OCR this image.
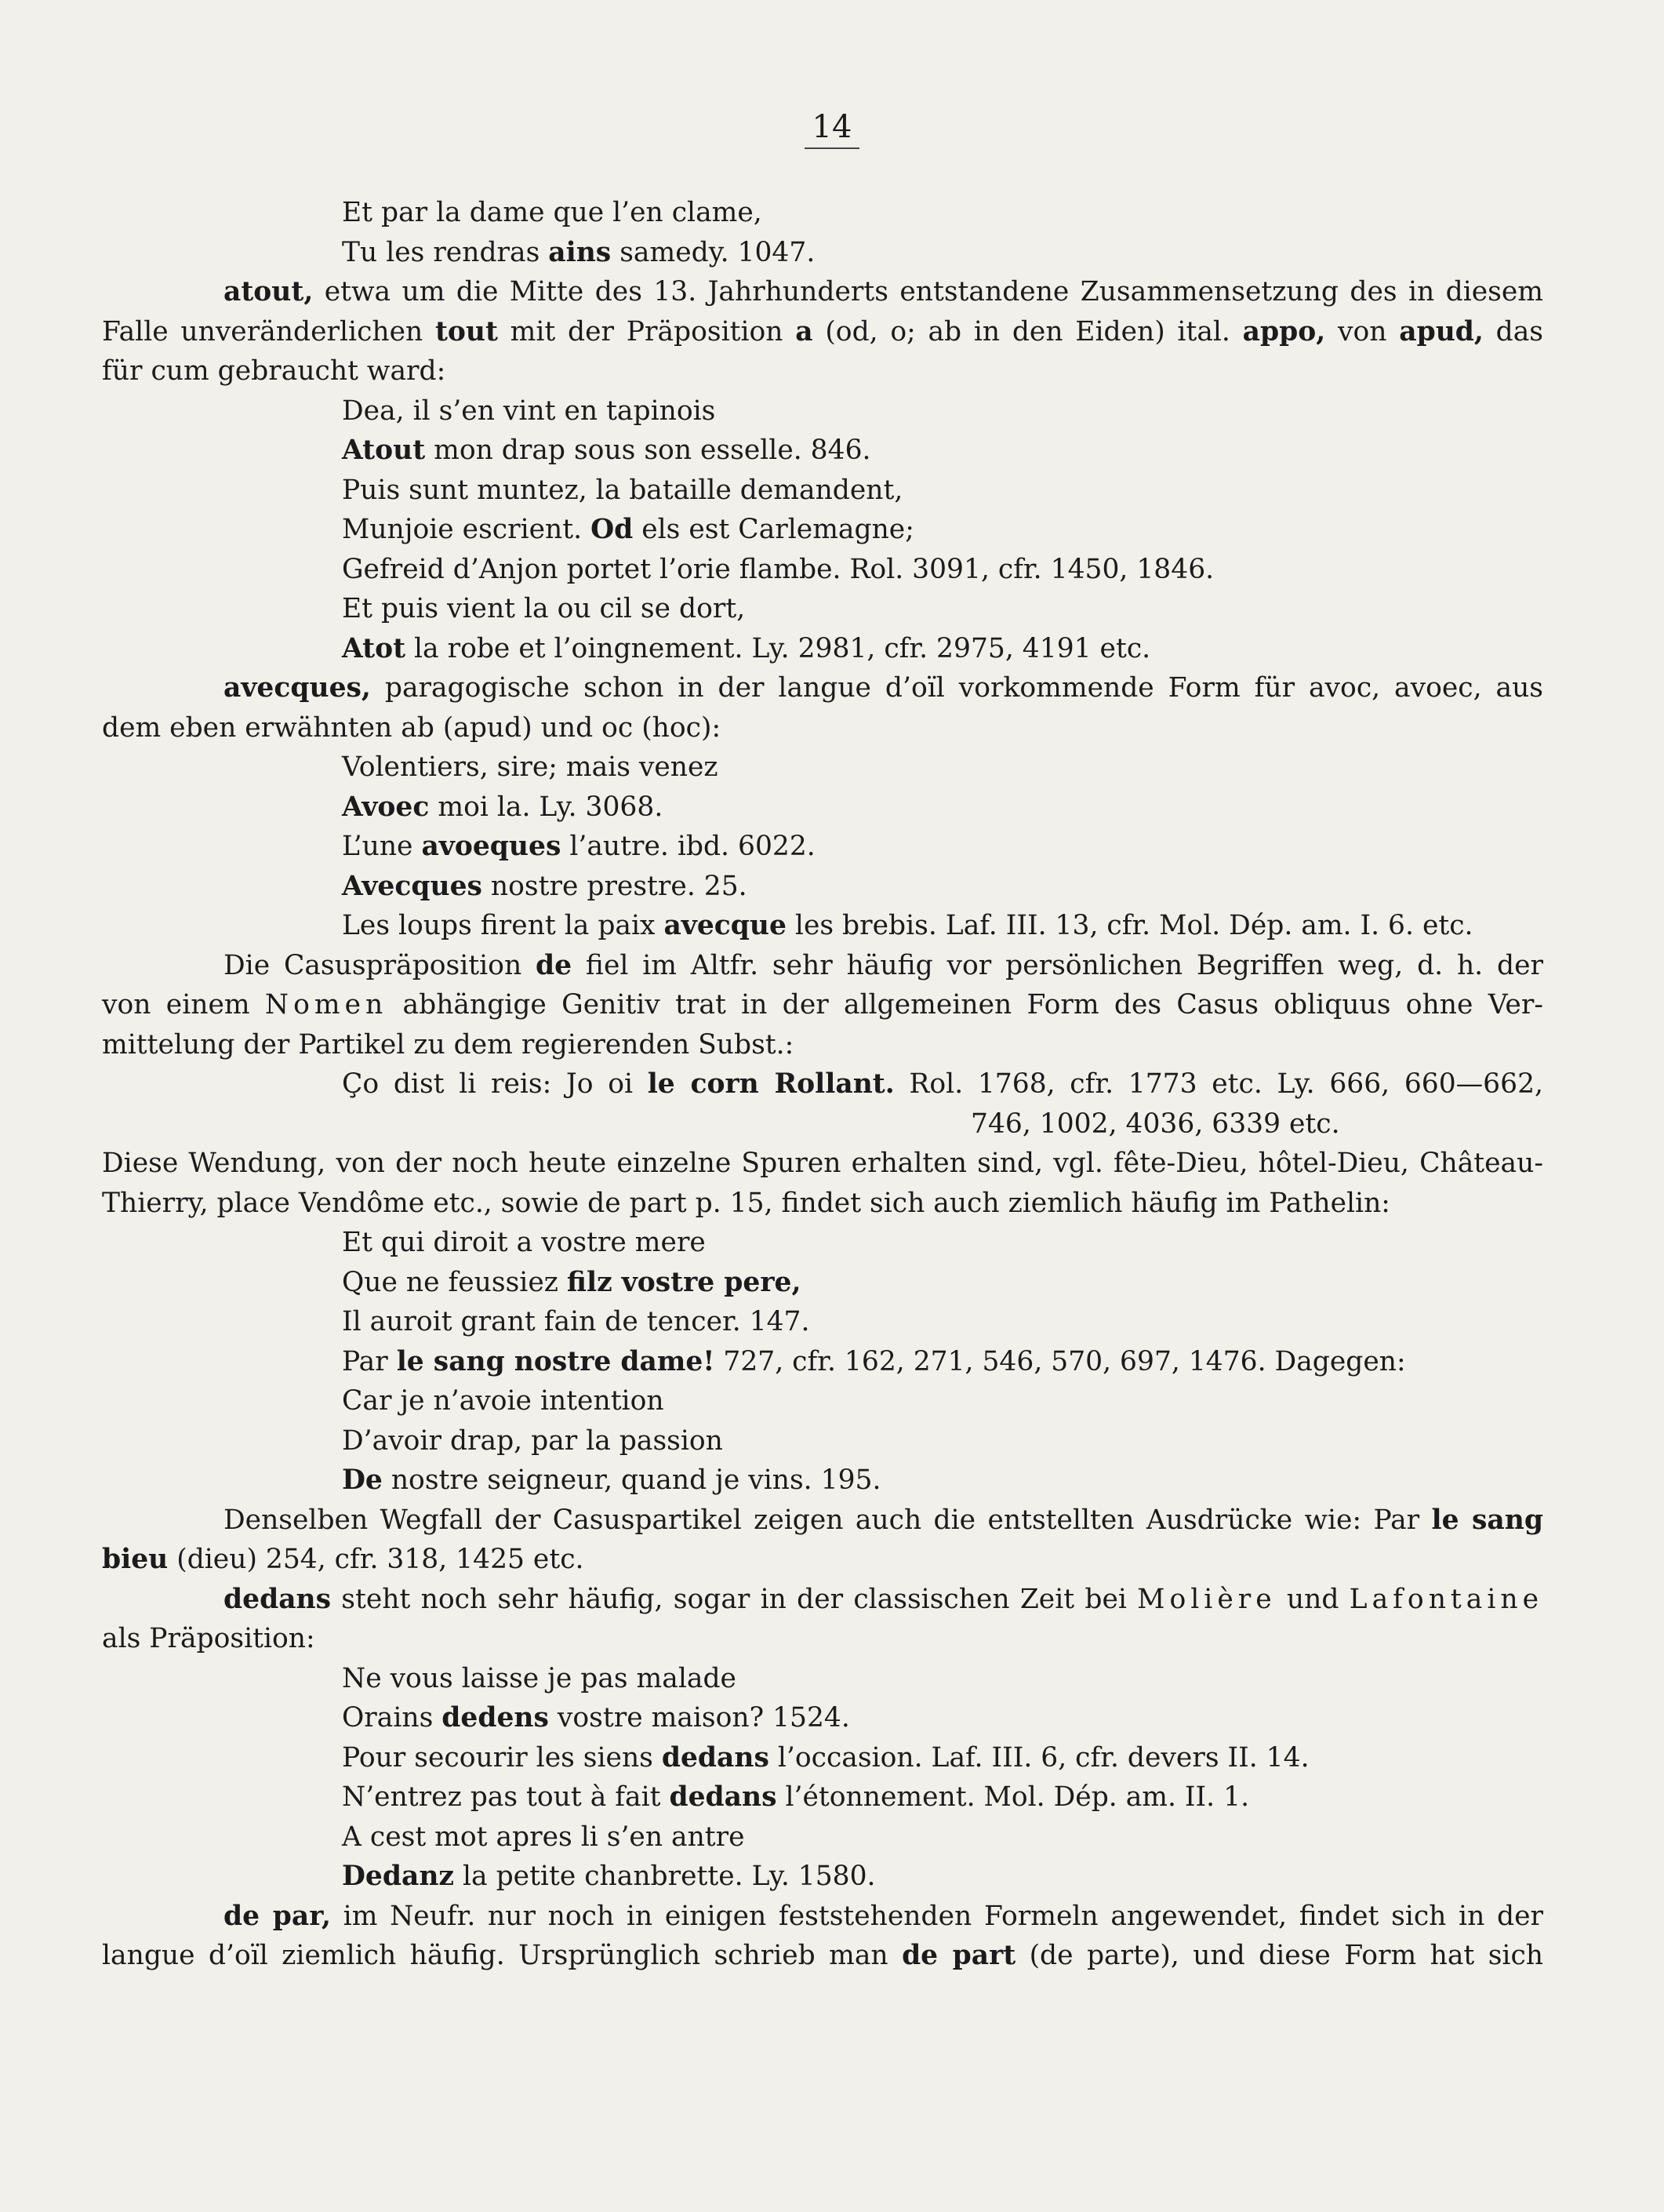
14
Et par la dame que l’en clame,
Tu les rendras ains samedy. 1047.
atout, etwa um die Mitte des 13. Jahrhunderts entstandene Zusammensetzung des in diesem
Falle unveränderlichen tout mit der Präposition a (od, o; ab in den Eiden) ital. appo, von apud, das
für cum gebraucht ward:
Dea, il s’en vint en tapinois
Atout mon drap sous son esselle. 846.
Puis sunt muntez, la bataille demandent,
Munjoie escrient. Od els est Carlemagne;
Gefreid d’Anjon portet l’orie flambe. Rol. 3091, cfr. 1450, 1846.
Et puis vient la ou cil se dort,
Atot la robe et l’oingnement. Ly. 2981, cfr. 2975, 4191 etc.
avecques, paragogische schon in der langue d’oïl vorkommende Form für avoc, avoec, aus
dem eben erwähnten ab (apud) und oc (hoc):
Volentiers, sire; mais venez
Avoec moi la. Ly. 3068.
L’une avoeques l’autre. ibd. 6022.
Avecques nostre prestre. 25.
Les loups firent la paix avecque les brebis. Laf. III. 13, cfr. Mol. Dép. am. I. 6. etc.
Die Casuspräposition de fiel im Altfr. sehr häufig vor persönlichen Begriffen weg, d. h. der
von einem Nomen abhängige Genitiv trat in der allgemeinen Form des Casus obliquus ohne Ver-
mittelung der Partikel zu dem regierenden Subst.:
Ço dist li reis: Jo oi le corn Rollant. Rol. 1768, cfr. 1773 etc. Ly. 666, 660—662,
746, 1002, 4036, 6339 etc.
Diese Wendung, von der noch heute einzelne Spuren erhalten sind, vgl. fête-Dieu, hôtel-Dieu, Château-
Thierry, place Vendôme etc., sowie de part p. 15, findet sich auch ziemlich häufig im Pathelin:
Et qui diroit a vostre mere
Que ne feussiez filz vostre pere,
Il auroit grant fain de tencer. 147.
Par le sang nostre dame! 727, cfr. 162, 271, 546, 570, 697, 1476. Dagegen:
Car je n’avoie intention
D’avoir drap, par la passion
De nostre seigneur, quand je vins. 195.
Denselben Wegfall der Casuspartikel zeigen auch die entstellten Ausdrücke wie: Par le sang
bieu (dieu) 254, cfr. 318, 1425 etc.
dedans steht noch sehr häufig, sogar in der classischen Zeit bei Molière und Lafontaine
als Präposition:
Ne vous laisse je pas malade
Orains dedens vostre maison? 1524.
Pour secourir les siens dedans l’occasion. Laf. III. 6, cfr. devers II. 14.
N’entrez pas tout à fait dedans l’étonnement. Mol. Dép. am. II. 1.
A cest mot apres li s’en antre
Dedanz la petite chanbrette. Ly. 1580.
de par, im Neufr. nur noch in einigen feststehenden Formeln angewendet, findet sich in der
langue d’oïl ziemlich häufig. Ursprünglich schrieb man de part (de parte), und diese Form hat sich
